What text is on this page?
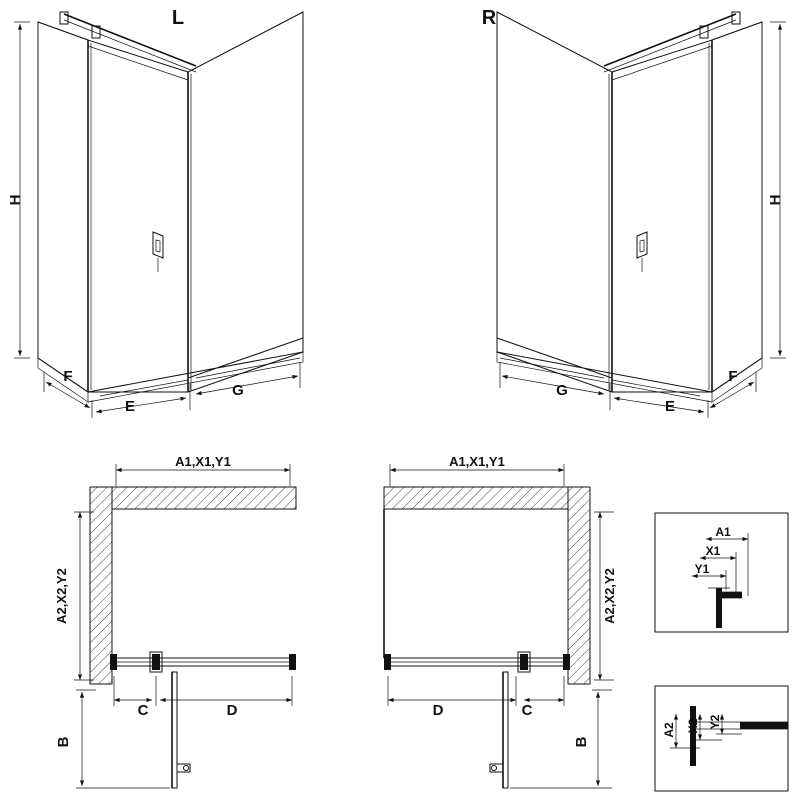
L	R
H	H
F
E
G
F
E
G
A1,X1,Y1
A2,X2,Y2
C	D
B
A1,X1,Y1
A2,X2,Y2
D	C
B
A1
X1
Y1
A2 X2 Y2
